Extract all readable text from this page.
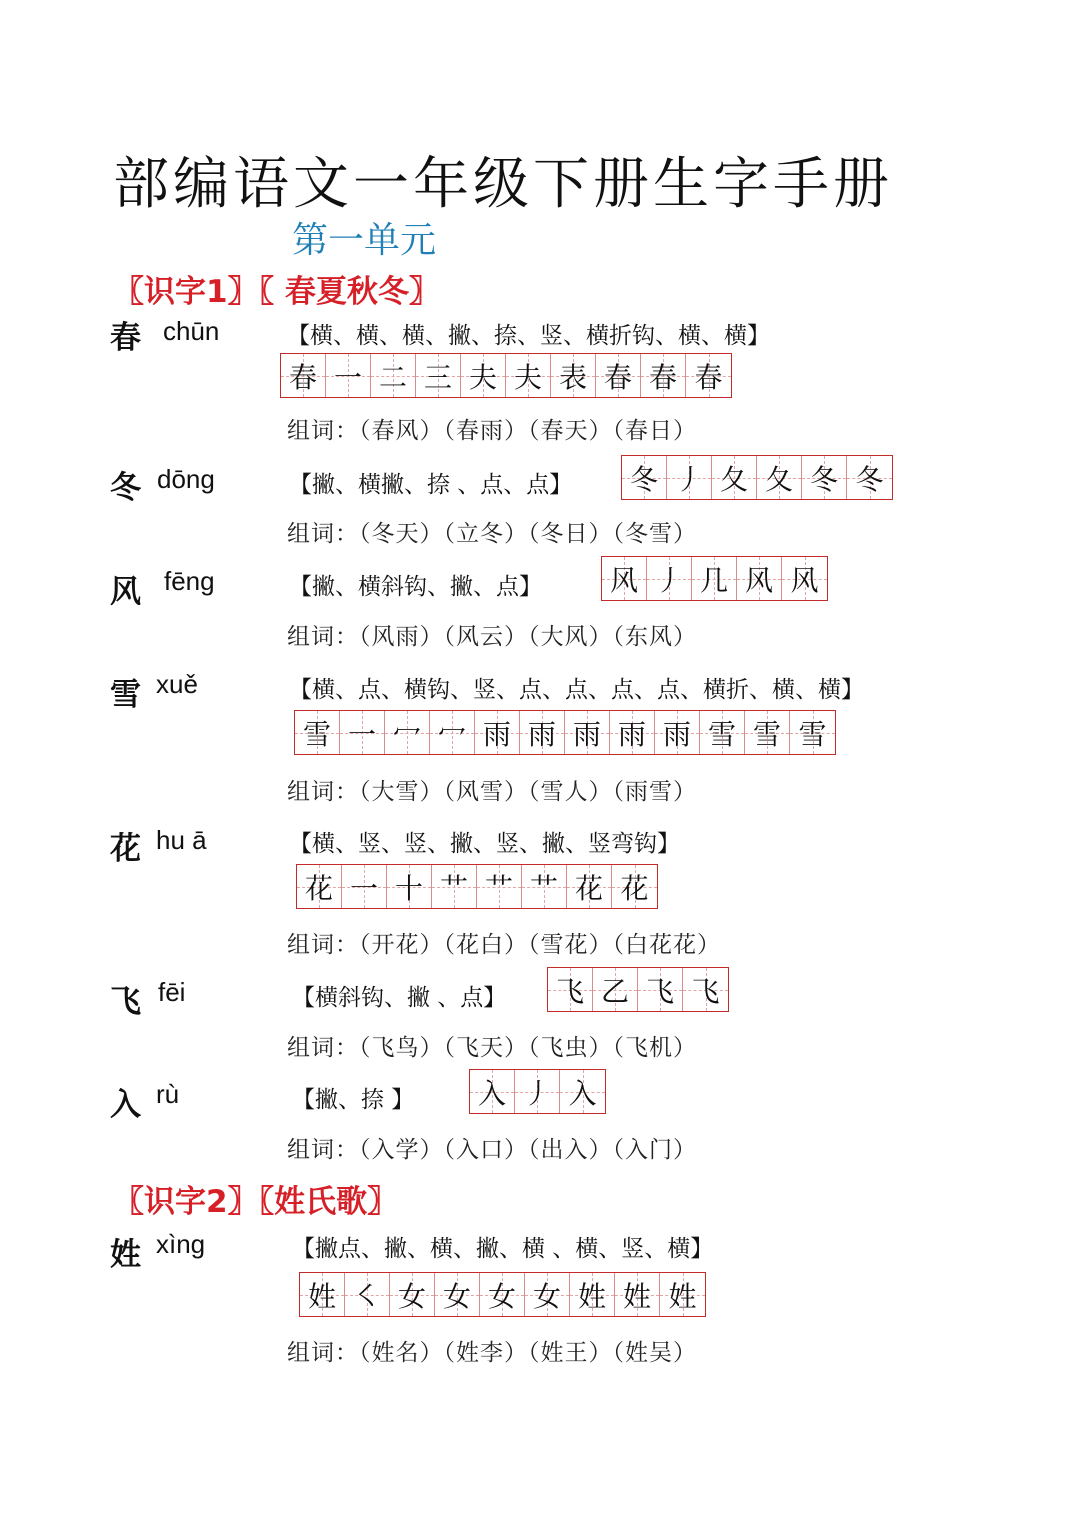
部编语文一年级下册生字手册
第一单元
〖识字1〗〖 春夏秋冬〗
春 chūn	【横、横、横、撇、捺、竖、横折钩、横、横】
春 一 二 三 夫 夫 表 春 春 春
组词：（春风）（春雨）（春天）（春日）
冬 dōng	【撇、横撇、捺 、点、点】 冬 丿 夂 夂 冬 冬
组词：（冬天）（立冬）（冬日）（冬雪）
风 fēng	【撇、横斜钩、撇、点】 风 丿 几 风 风
组词：（风雨）（风云）（大风）（东风）
雪 xuě	【横、点、横钩、竖、点、点、点、点、横折、横、横】
雪 一 冖 冖 雨 雨 雨 雨 雨 雪 雪 雪
组词：（大雪）（风雪）（雪人）（雨雪）
花 hu ā	【横、竖、竖、撇、竖、撇、竖弯钩】
花 一 十 艹 艹 艹 花 花
组词：（开花）（花白）（雪花）（白花花）
飞 fēi	【横斜钩、撇 、点】 飞 乙 飞 飞
组词：（飞鸟）（飞天）（飞虫）（飞机）
入 rù	【撇、捺 】 入 丿 入
组词：（入学）（入口）（出入）（入门）
〖识字2〗〖姓氏歌〗
姓 xìng	【撇点、撇、横、撇、横 、横、竖、横】
姓 ㇛ 女 女 女 女 姓 姓 姓
组词：（姓名）（姓李）（姓王）（姓吴）
